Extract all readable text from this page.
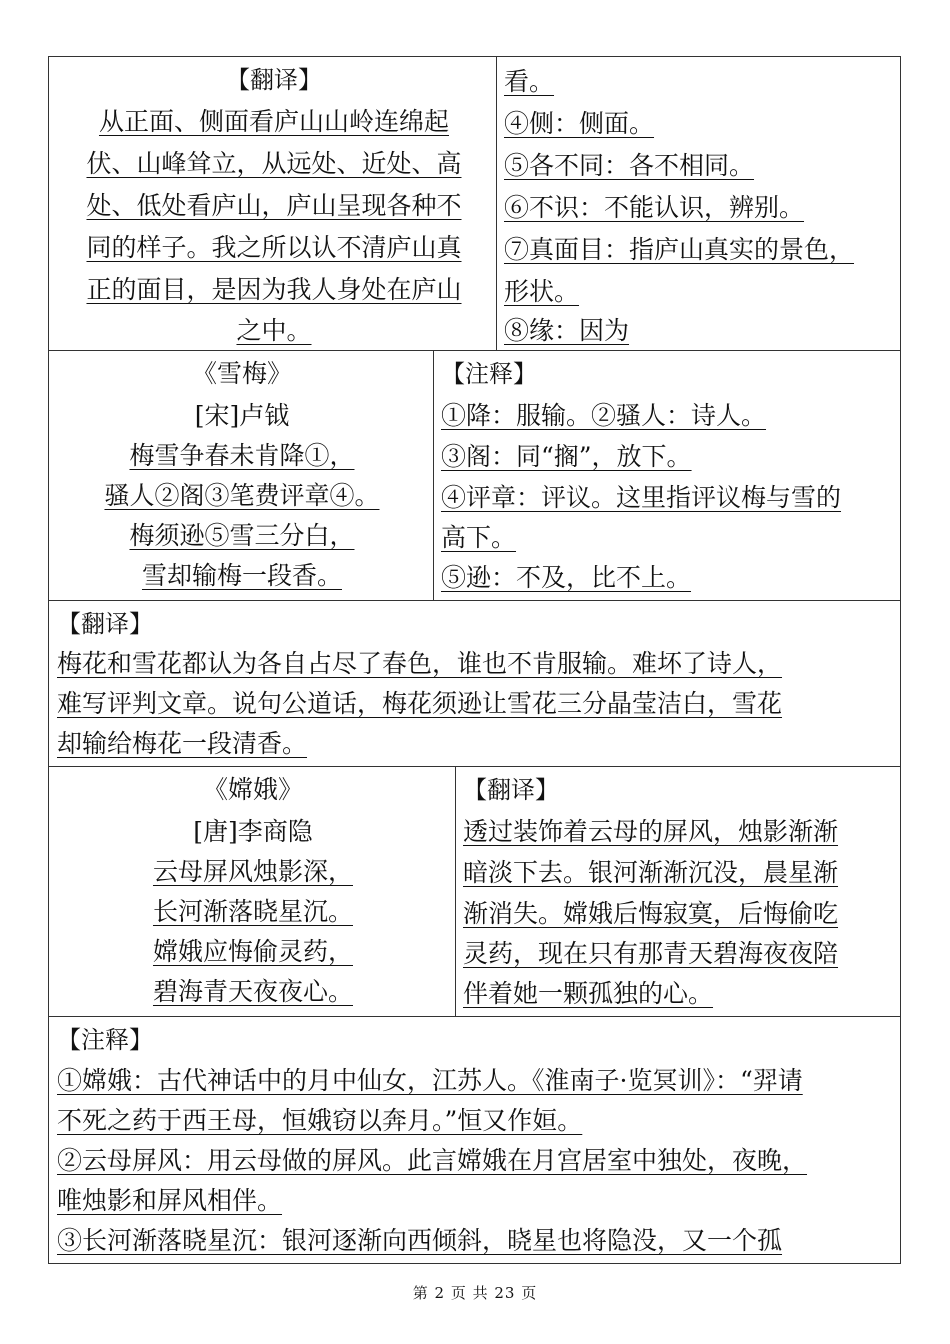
【翻译】
从正面、侧面看庐山山岭连绵起
伏、山峰耸立，从远处、近处、高
处、低处看庐山，庐山呈现各种不
同的样子。我之所以认不清庐山真
正的面目，是因为我人身处在庐山
之中。
看。
④侧：侧面。
⑤各不同：各不相同。
⑥不识：不能认识，辨别。
⑦真面目：指庐山真实的景色，
形状。
⑧缘：因为
《雪梅》
[宋]卢钺
梅雪争春未肯降①，
骚人②阁③笔费评章④。
梅须逊⑤雪三分白，
雪却输梅一段香。
【注释】
①降：服输。②骚人：诗人。
③阁：同“搁”，放下。
④评章：评议。这里指评议梅与雪的
高下。
⑤逊：不及，比不上。
【翻译】
梅花和雪花都认为各自占尽了春色，谁也不肯服输。难坏了诗人，
难写评判文章。说句公道话，梅花须逊让雪花三分晶莹洁白，雪花
却输给梅花一段清香。
《嫦娥》
[唐]李商隐
云母屏风烛影深，
长河渐落晓星沉。
嫦娥应悔偷灵药，
碧海青天夜夜心。
【翻译】
透过装饰着云母的屏风，烛影渐渐
暗淡下去。银河渐渐沉没，晨星渐
渐消失。嫦娥后悔寂寞，后悔偷吃
灵药，现在只有那青天碧海夜夜陪
伴着她一颗孤独的心。
【注释】
①嫦娥：古代神话中的月中仙女，江苏人。《淮南子·览冥训》：“羿请
不死之药于西王母，恒娥窃以奔月。”恒又作姮。
②云母屏风：用云母做的屏风。此言嫦娥在月宫居室中独处，夜晚，
唯烛影和屏风相伴。
③长河渐落晓星沉：银河逐渐向西倾斜，晓星也将隐没，又一个孤
第 2 页 共 23 页
